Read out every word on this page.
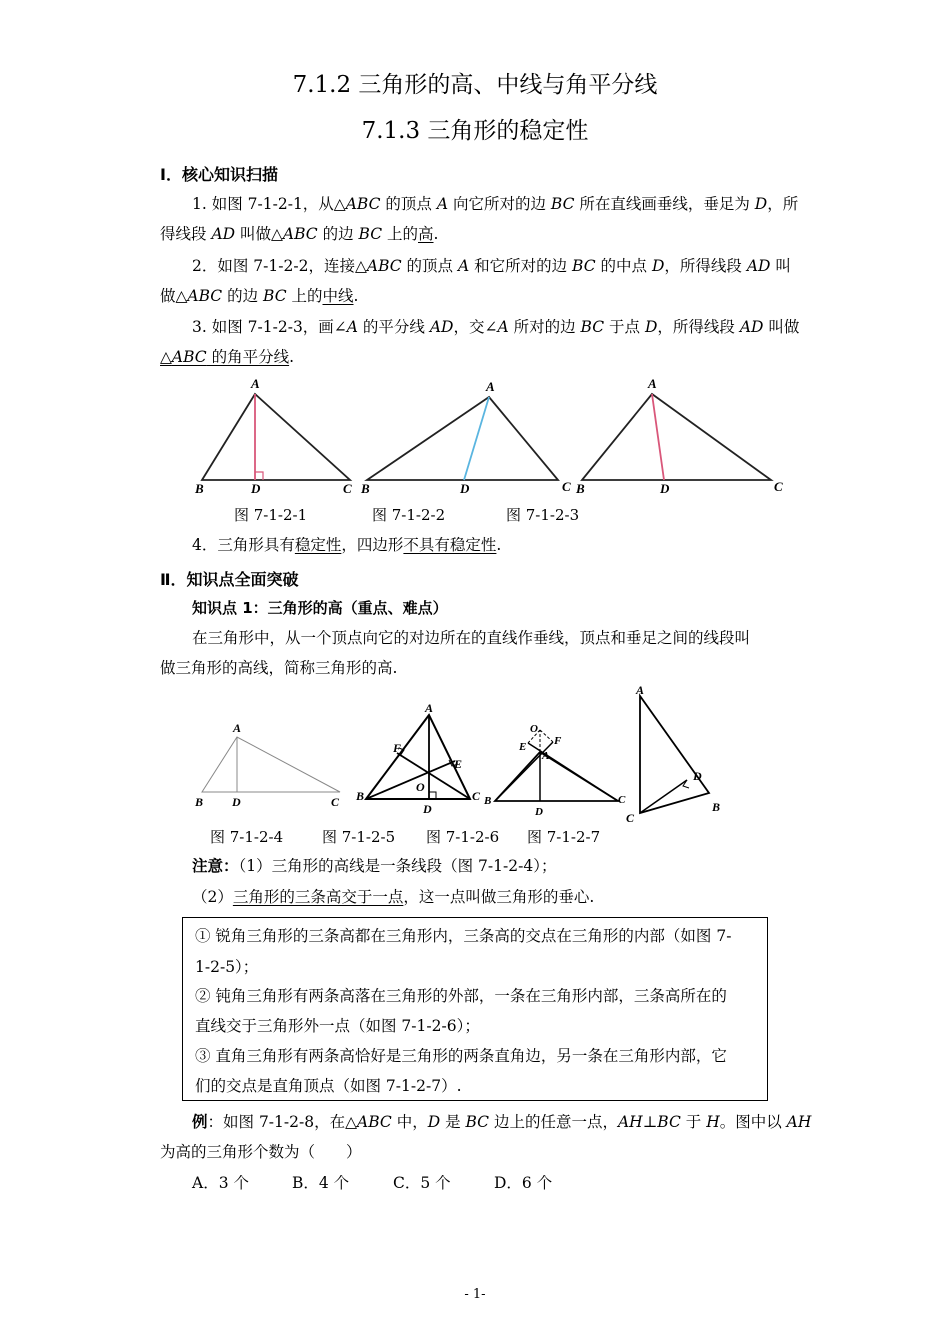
7.1.2 三角形的高、中线与角平分线
7.1.3 三角形的稳定性
Ⅰ．核心知识扫描
1. 如图 7-1-2-1，从△ABC 的顶点 A 向它所对的边 BC 所在直线画垂线，垂足为 D，所
得线段 AD 叫做△ABC 的边 BC 上的高.
2．如图 7-1-2-2，连接△ABC 的顶点 A 和它所对的边 BC 的中点 D，所得线段 AD 叫
做△ABC 的边 BC 上的中线.
3. 如图 7-1-2-3，画∠A 的平分线 AD，交∠A 所对的边 BC 于点 D，所得线段 AD 叫做
△ABC 的角平分线.
A
B	D	C
A
B	D	C
A
B	D	C
图 7-1-2-1	图 7-1-2-2	图 7-1-2-3
4．三角形具有稳定性，四边形不具有稳定性.
Ⅱ．知识点全面突破
知识点 1：三角形的高（重点、难点）
在三角形中，从一个顶点向它的对边所在的直线作垂线，顶点和垂足之间的线段叫
做三角形的高线，简称三角形的高.
A
B D	C
A
B
D
C
F
E
O
O
E	F
A
B
D
C
A
D
B
C
图 7-1-2-4	图 7-1-2-5 图 7-1-2-6 图 7-1-2-7
注意：（1）三角形的高线是一条线段（图 7-1-2-4）；
（2）三角形的三条高交于一点，这一点叫做三角形的垂心.
① 锐角三角形的三条高都在三角形内，三条高的交点在三角形的内部（如图 7-
1-2-5）；
② 钝角三角形有两条高落在三角形的外部，一条在三角形内部，三条高所在的
直线交于三角形外一点（如图 7-1-2-6）；
③ 直角三角形有两条高恰好是三角形的两条直角边，另一条在三角形内部，它
们的交点是直角顶点（如图 7-1-2-7）.
例：如图 7-1-2-8，在△ABC 中，D 是 BC 边上的任意一点，AH⊥BC 于 H。图中以 AH
为高的三角形个数为（　　）
A．3 个	B．4 个	C．5 个	D．6 个
- 1-
